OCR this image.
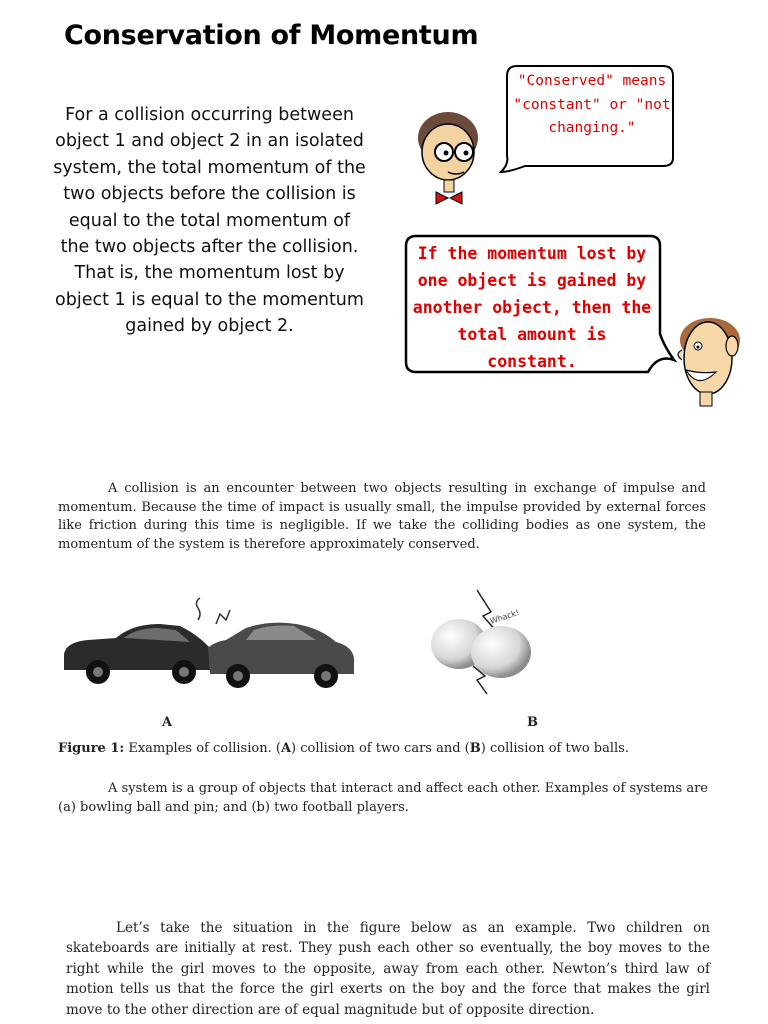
Conservation of Momentum
For a collision occurring between object 1 and object 2 in an isolated system, the total momentum of the two objects before the collision is equal to the total momentum of the two objects after the collision. That is, the momentum lost by object 1 is equal to the momentum gained by object 2.
"Conserved" means "constant" or "not changing."
If the momentum lost by one object is gained by another object, then the total amount is constant.
A collision is an encounter between two objects resulting in exchange of impulse and momentum. Because the time of impact is usually small, the impulse provided by external forces like friction during this time is negligible. If we take the colliding bodies as one system, the momentum of the system is therefore approximately conserved.
Whack!
A	B
Figure 1: Examples of collision. (A) collision of two cars and (B) collision of two balls.
A system is a group of objects that interact and affect each other. Examples of systems are (a) bowling ball and pin; and (b) two football players.
Let’s take the situation in the figure below as an example. Two children on skateboards are initially at rest. They push each other so eventually, the boy moves to the right while the girl moves to the opposite, away from each other. Newton’s third law of motion tells us that the force the girl exerts on the boy and the force that makes the girl move to the other direction are of equal magnitude but of opposite direction.
